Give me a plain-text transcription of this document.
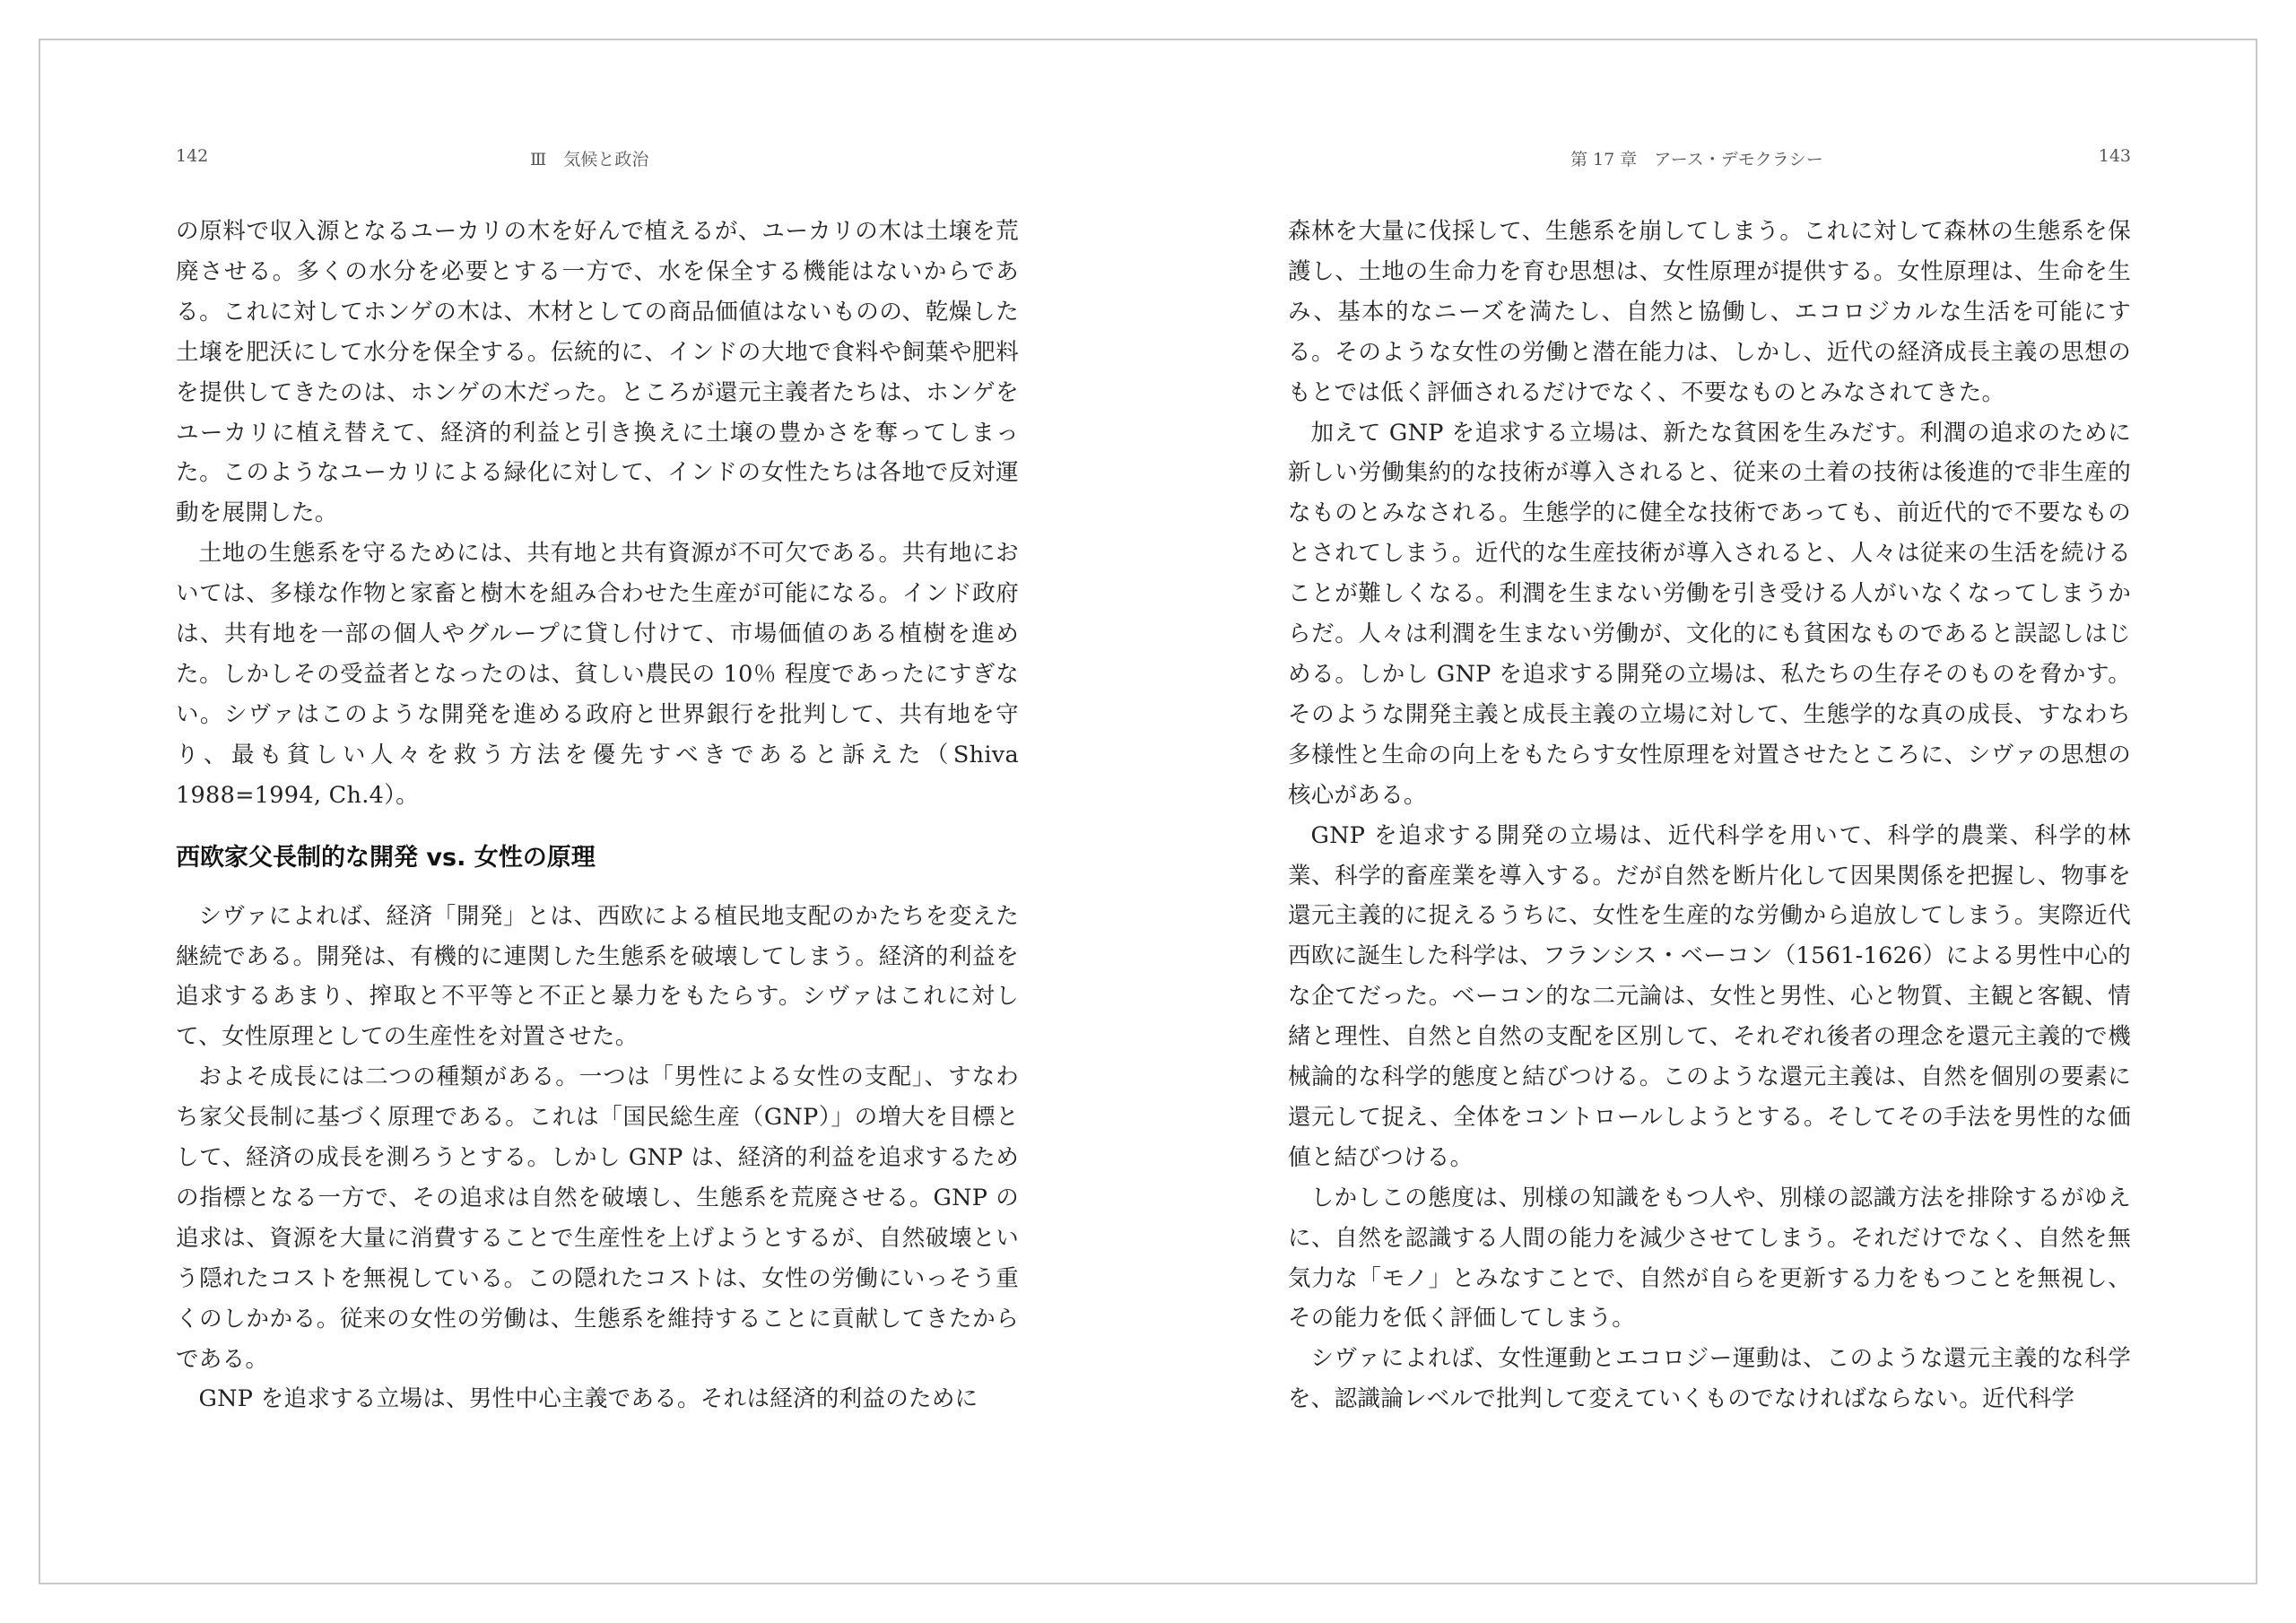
142	Ⅲ　気候と政治

の原料で収入源となるユーカリの木を好んで植えるが、ユーカリの木は土壌を荒廃させる。多くの水分を必要とする一方で、水を保全する機能はないからである。これに対してホンゲの木は、木材としての商品価値はないものの、乾燥した土壌を肥沃にして水分を保全する。伝統的に、インドの大地で食料や飼葉や肥料を提供してきたのは、ホンゲの木だった。ところが還元主義者たちは、ホンゲをユーカリに植え替えて、経済的利益と引き換えに土壌の豊かさを奪ってしまった。このようなユーカリによる緑化に対して、インドの女性たちは各地で反対運動を展開した。

土地の生態系を守るためには、共有地と共有資源が不可欠である。共有地においては、多様な作物と家畜と樹木を組み合わせた生産が可能になる。インド政府は、共有地を一部の個人やグループに貸し付けて、市場価値のある植樹を進めた。しかしその受益者となったのは、貧しい農民の 10％ 程度であったにすぎない。シヴァはこのような開発を進める政府と世界銀行を批判して、共有地を守り、最も貧しい人々を救う方法を優先すべきであると訴えた（Shiva 1988=1994, Ch.4）。

西欧家父長制的な開発 vs. 女性の原理

シヴァによれば、経済「開発」とは、西欧による植民地支配のかたちを変えた継続である。開発は、有機的に連関した生態系を破壊してしまう。経済的利益を追求するあまり、搾取と不平等と不正と暴力をもたらす。シヴァはこれに対して、女性原理としての生産性を対置させた。

およそ成長には二つの種類がある。一つは「男性による女性の支配」、すなわち家父長制に基づく原理である。これは「国民総生産（GNP）」の増大を目標として、経済の成長を測ろうとする。しかし GNP は、経済的利益を追求するための指標となる一方で、その追求は自然を破壊し、生態系を荒廃させる。GNP の追求は、資源を大量に消費することで生産性を上げようとするが、自然破壊という隠れたコストを無視している。この隠れたコストは、女性の労働にいっそう重くのしかかる。従来の女性の労働は、生態系を維持することに貢献してきたからである。

GNP を追求する立場は、男性中心主義である。それは経済的利益のために

第 17 章　アース・デモクラシー	143

森林を大量に伐採して、生態系を崩してしまう。これに対して森林の生態系を保護し、土地の生命力を育む思想は、女性原理が提供する。女性原理は、生命を生み、基本的なニーズを満たし、自然と協働し、エコロジカルな生活を可能にする。そのような女性の労働と潜在能力は、しかし、近代の経済成長主義の思想のもとでは低く評価されるだけでなく、不要なものとみなされてきた。

加えて GNP を追求する立場は、新たな貧困を生みだす。利潤の追求のために新しい労働集約的な技術が導入されると、従来の土着の技術は後進的で非生産的なものとみなされる。生態学的に健全な技術であっても、前近代的で不要なものとされてしまう。近代的な生産技術が導入されると、人々は従来の生活を続けることが難しくなる。利潤を生まない労働を引き受ける人がいなくなってしまうからだ。人々は利潤を生まない労働が、文化的にも貧困なものであると誤認しはじめる。しかし GNP を追求する開発の立場は、私たちの生存そのものを脅かす。そのような開発主義と成長主義の立場に対して、生態学的な真の成長、すなわち多様性と生命の向上をもたらす女性原理を対置させたところに、シヴァの思想の核心がある。

GNP を追求する開発の立場は、近代科学を用いて、科学的農業、科学的林業、科学的畜産業を導入する。だが自然を断片化して因果関係を把握し、物事を還元主義的に捉えるうちに、女性を生産的な労働から追放してしまう。実際近代西欧に誕生した科学は、フランシス・ベーコン（1561-1626）による男性中心的な企てだった。ベーコン的な二元論は、女性と男性、心と物質、主観と客観、情緒と理性、自然と自然の支配を区別して、それぞれ後者の理念を還元主義的で機械論的な科学的態度と結びつける。このような還元主義は、自然を個別の要素に還元して捉え、全体をコントロールしようとする。そしてその手法を男性的な価値と結びつける。

しかしこの態度は、別様の知識をもつ人や、別様の認識方法を排除するがゆえに、自然を認識する人間の能力を減少させてしまう。それだけでなく、自然を無気力な「モノ」とみなすことで、自然が自らを更新する力をもつことを無視し、その能力を低く評価してしまう。

シヴァによれば、女性運動とエコロジー運動は、このような還元主義的な科学を、認識論レベルで批判して変えていくものでなければならない。近代科学
